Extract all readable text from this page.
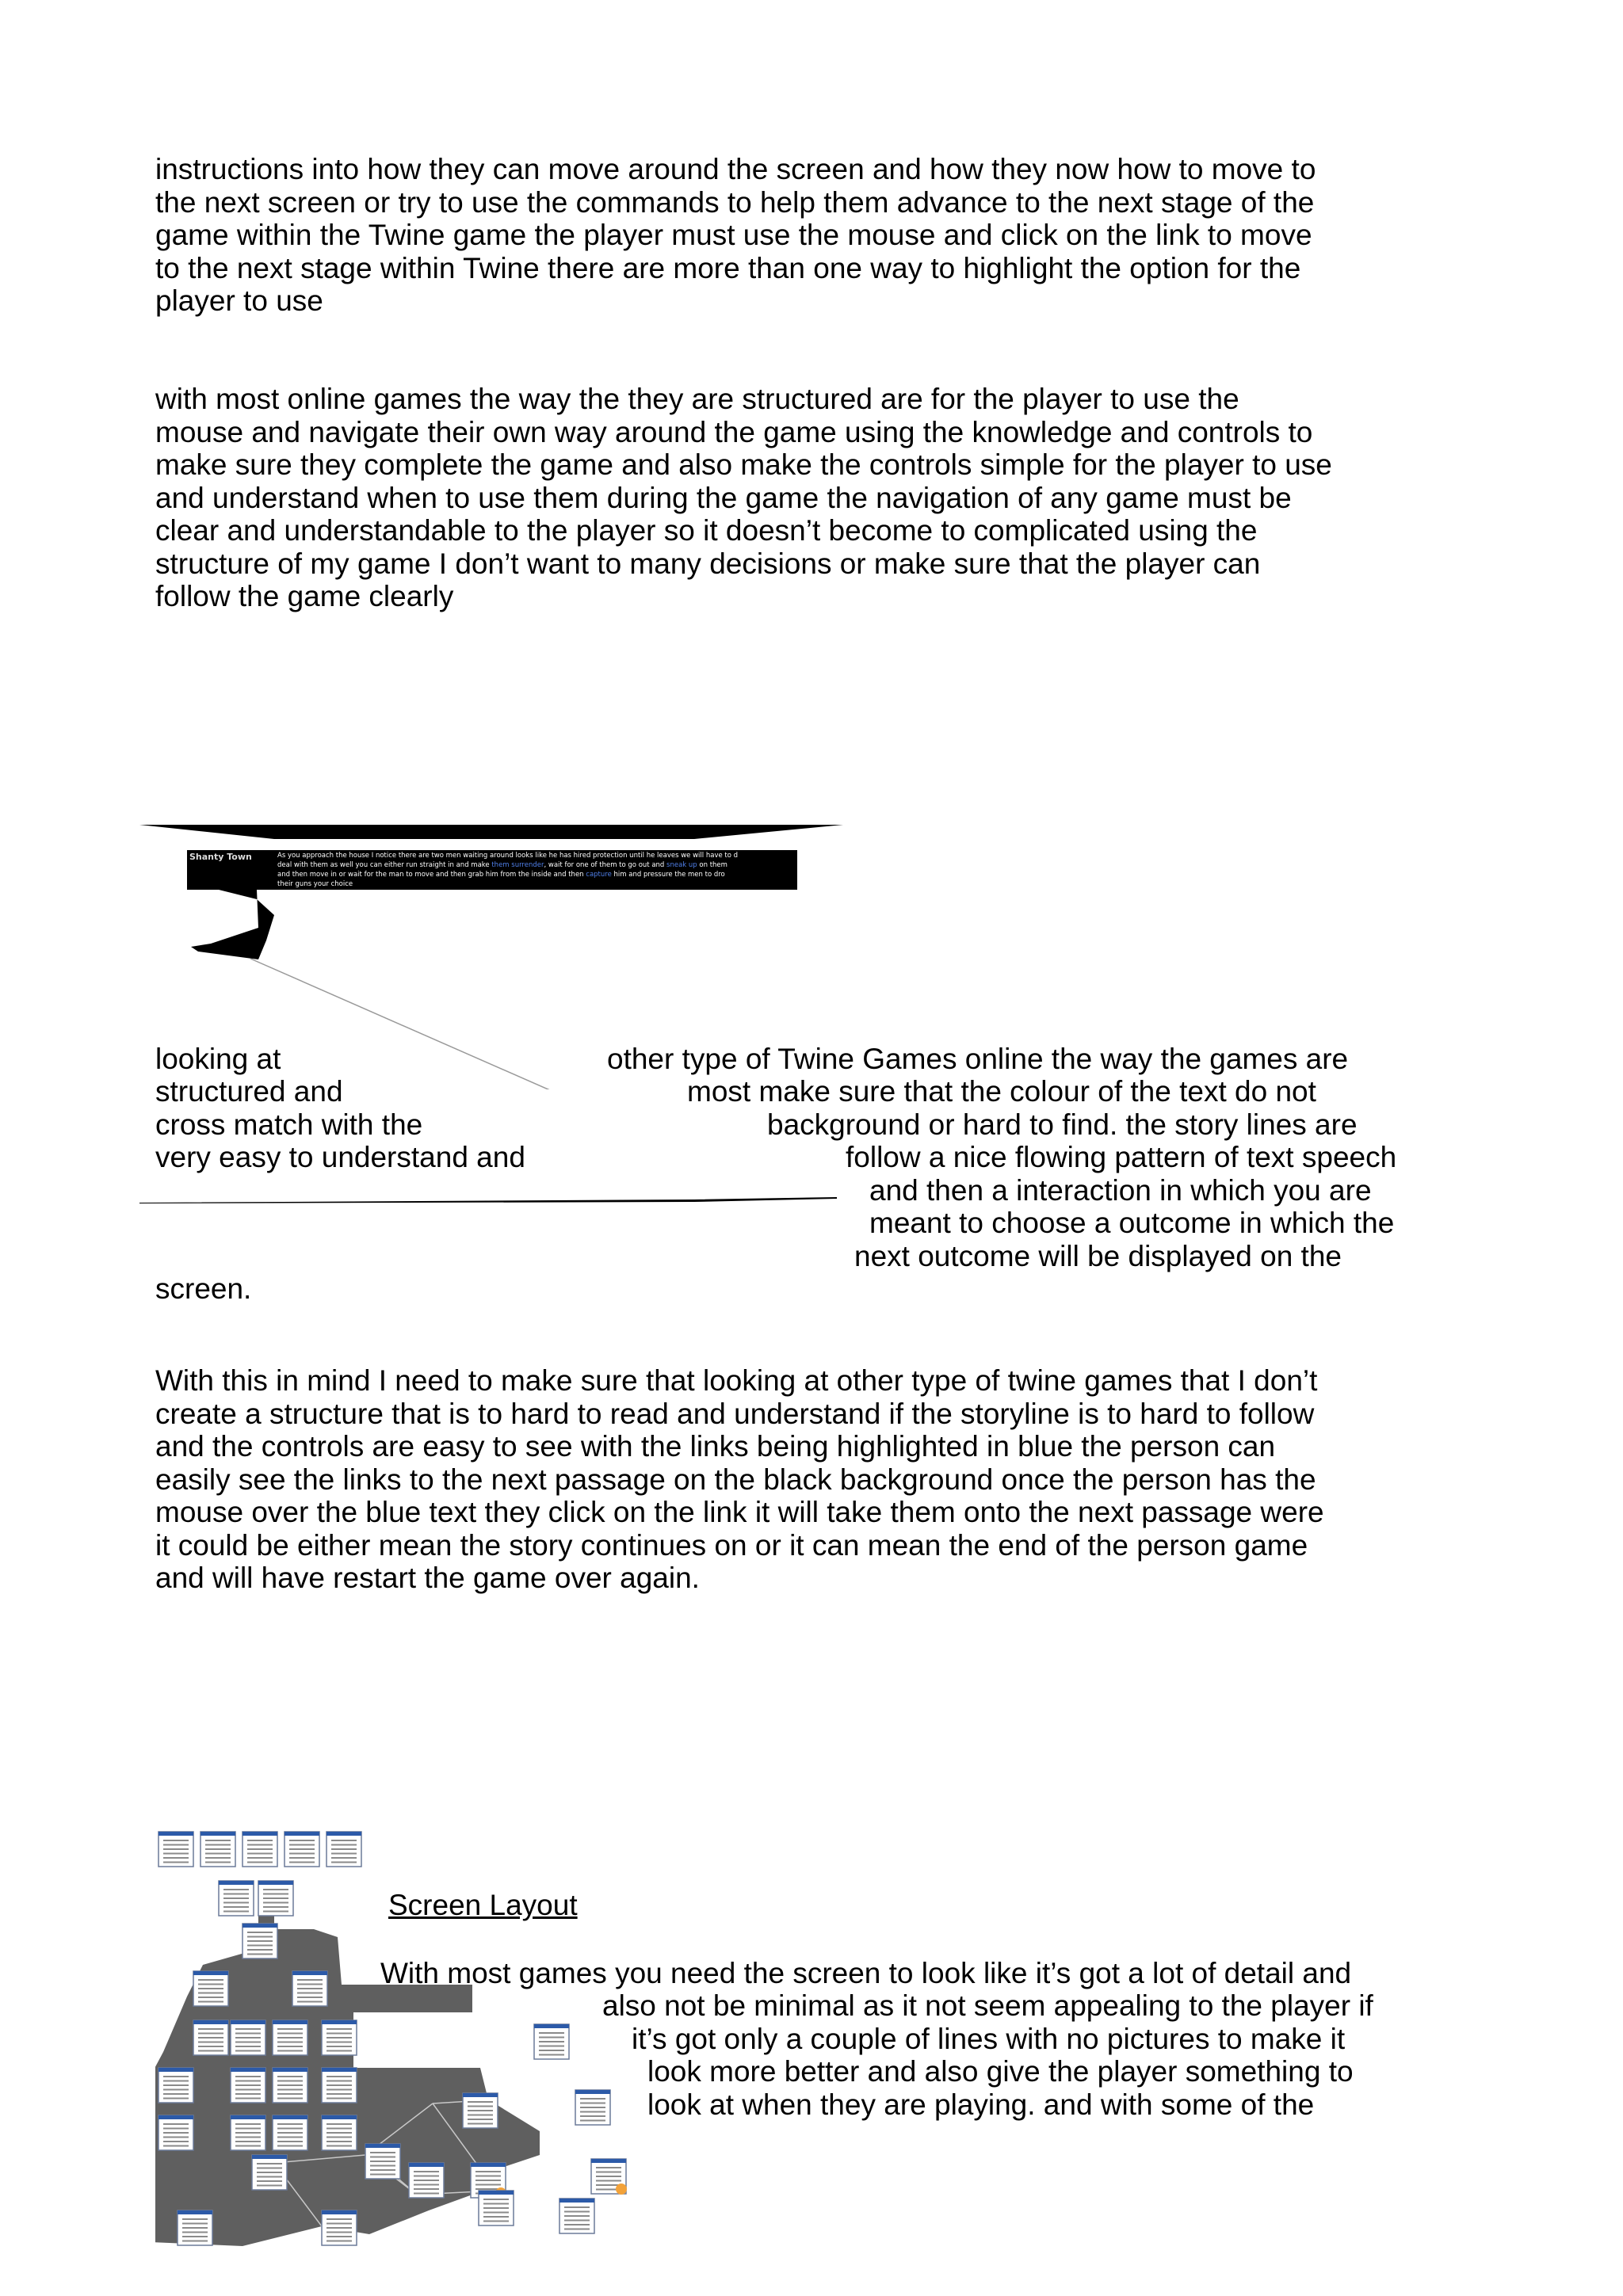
instructions into how they can move around the screen and how they now how to move to
the next screen or try to use the commands to help them advance to the next stage of the
game within the Twine game the player must use the mouse and click on the link to move
to the next stage within Twine there are more than one way to highlight the option for the
player to use
with most online games the way the they are structured are for the player to use the
mouse and navigate their own way around the game using the knowledge and controls to
make sure they complete the game and also make the controls simple for the player to use
and understand when to use them during the game the navigation of any game must be
clear and understandable to the player so it doesn’t become to complicated using the
structure of my game I don’t want to many decisions or make sure that the player can
follow the game clearly
Shanty Town	As you approach the house I notice there are two men waiting around looks like he has hired protection until he leaves we will have to d
deal with them as well you can either run straight in and make them surrender, wait for one of them to go out and sneak up on them
and then move in or wait for the man to move and then grab him from the inside and then capture him and pressure the men to dro
their guns your choice
looking at
structured and
cross match with the
very easy to understand and
other type of Twine Games online the way the games are
most make sure that the colour of the text do not
background or hard to find. the story lines are
follow a nice flowing pattern of text speech
and then a interaction in which you are
meant to choose a outcome in which the
next outcome will be displayed on the
screen.
With this in mind I need to make sure that looking at other type of twine games that I don’t
create a structure that is to hard to read and understand if the storyline is to hard to follow
and the controls are easy to see with the links being highlighted in blue the person can
easily see the links to the next passage on the black background once the person has the
mouse over the blue text they click on the link it will take them onto the next passage were
it could be either mean the story continues on or it can mean the end of the person game
and will have restart the game over again.
Screen Layout
With most games you need the screen to look like it’s got a lot of detail and
also not be minimal as it not seem appealing to the player if
it’s got only a couple of lines with no pictures to make it
look more better and also give the player something to
look at when they are playing. and with some of the
